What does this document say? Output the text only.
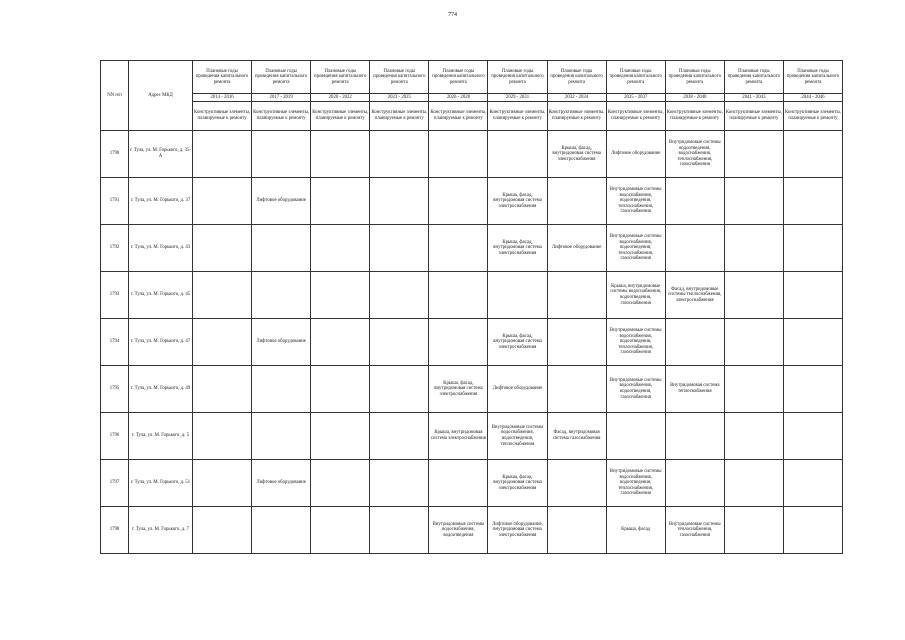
774
NN п/п	Адрес МКД	Плановые годы проведения капитального ремонта	Плановые годы проведения капитального ремонта	Плановые годы проведения капитального ремонта	Плановые годы проведения капитального ремонта	Плановые годы проведения капитального ремонта	Плановые годы проведения капитального ремонта	Плановые годы проведения капитального ремонта	Плановые годы проведения капитального ремонта	Плановые годы проведения капитального ремонта	Плановые годы проведения капитального ремонта	Плановые годы проведения капитального ремонта
		2014 - 2016	2017 - 2019	2020 - 2022	2023 - 2025	2026 - 2028	2029 - 2031	2032 - 2034	2035 - 2037	2038 - 2040	2041 - 2043	2044 - 2046
		Конструктивные элементы, планируемые к ремонту	Конструктивные элементы, планируемые к ремонту	Конструктивные элементы, планируемые к ремонту	Конструктивные элементы, планируемые к ремонту	Конструктивные элементы, планируемые к ремонту	Конструктивные элементы, планируемые к ремонту	Конструктивные элементы, планируемые к ремонту	Конструктивные элементы, планируемые к ремонту	Конструктивные элементы, планируемые к ремонту	Конструктивные элементы, планируемые к ремонту	Конструктивные элементы, планируемые к ремонту
1790	г. Тула, ул. М. Горького, д. 35-А							Крыша, фасад, внутридомовая система электроснабжения	Лифтовое оборудование	Внутридомовые системы водоотведения, водоснабжения, теплоснабжения, газоснабжения		
1791	г. Тула, ул. М. Горького, д. 37		Лифтовое оборудование				Крыша, фасад, внутридомовая система электроснабжения		Внутридомовые системы водоснабжения, водоотведения, теплоснабжения, газоснабжения			
1792	г. Тула, ул. М. Горького, д. 43						Крыша, фасад, внутридомовая система электроснабжения	Лифтовое оборудование	Внутридомовые системы водоснабжения, водоотведения, теплоснабжения, газоснабжения			
1793	г. Тула, ул. М. Горького, д. 45								Крыша, внутридомовые системы водоснабжения, водоотведения, газоснабжения	Фасад, внутридомовые системы теплоснабжения, электроснабжения		
1794	г. Тула, ул. М. Горького, д. 47		Лифтовое оборудование				Крыша, фасад, внутридомовая система электроснабжения		Внутридомовые системы водоснабжения, водоотведения, теплоснабжения, газоснабжения			
1795	г. Тула, ул. М. Горького, д. 49					Крыша, фасад, внутридомовая система электроснабжения	Лифтовое оборудование		Внутридомовые системы водоснабжения, водоотведения, газоснабжения	Внутридомовая система теплоснабжения		
1796	г. Тула, ул. М. Горького, д. 5					Крыша, внутридомовая система электроснабжения	Внутридомовые системы водоснабжения, водоотведения, теплоснабжения	Фасад, внутридомовая система газоснабжения				
1797	г. Тула, ул. М. Горького, д. 51		Лифтовое оборудование				Крыша, фасад, внутридомовая система электроснабжения		Внутридомовые системы водоснабжения, водоотведения, теплоснабжения, газоснабжения			
1798	г. Тула, ул. М. Горького, д. 7					Внутридомовые системы водоснабжения, водоотведения	Лифтовое оборудование, внутридомовая система электроснабжения		Крыша, фасад	Внутридомовые системы теплоснабжения, газоснабжения		
